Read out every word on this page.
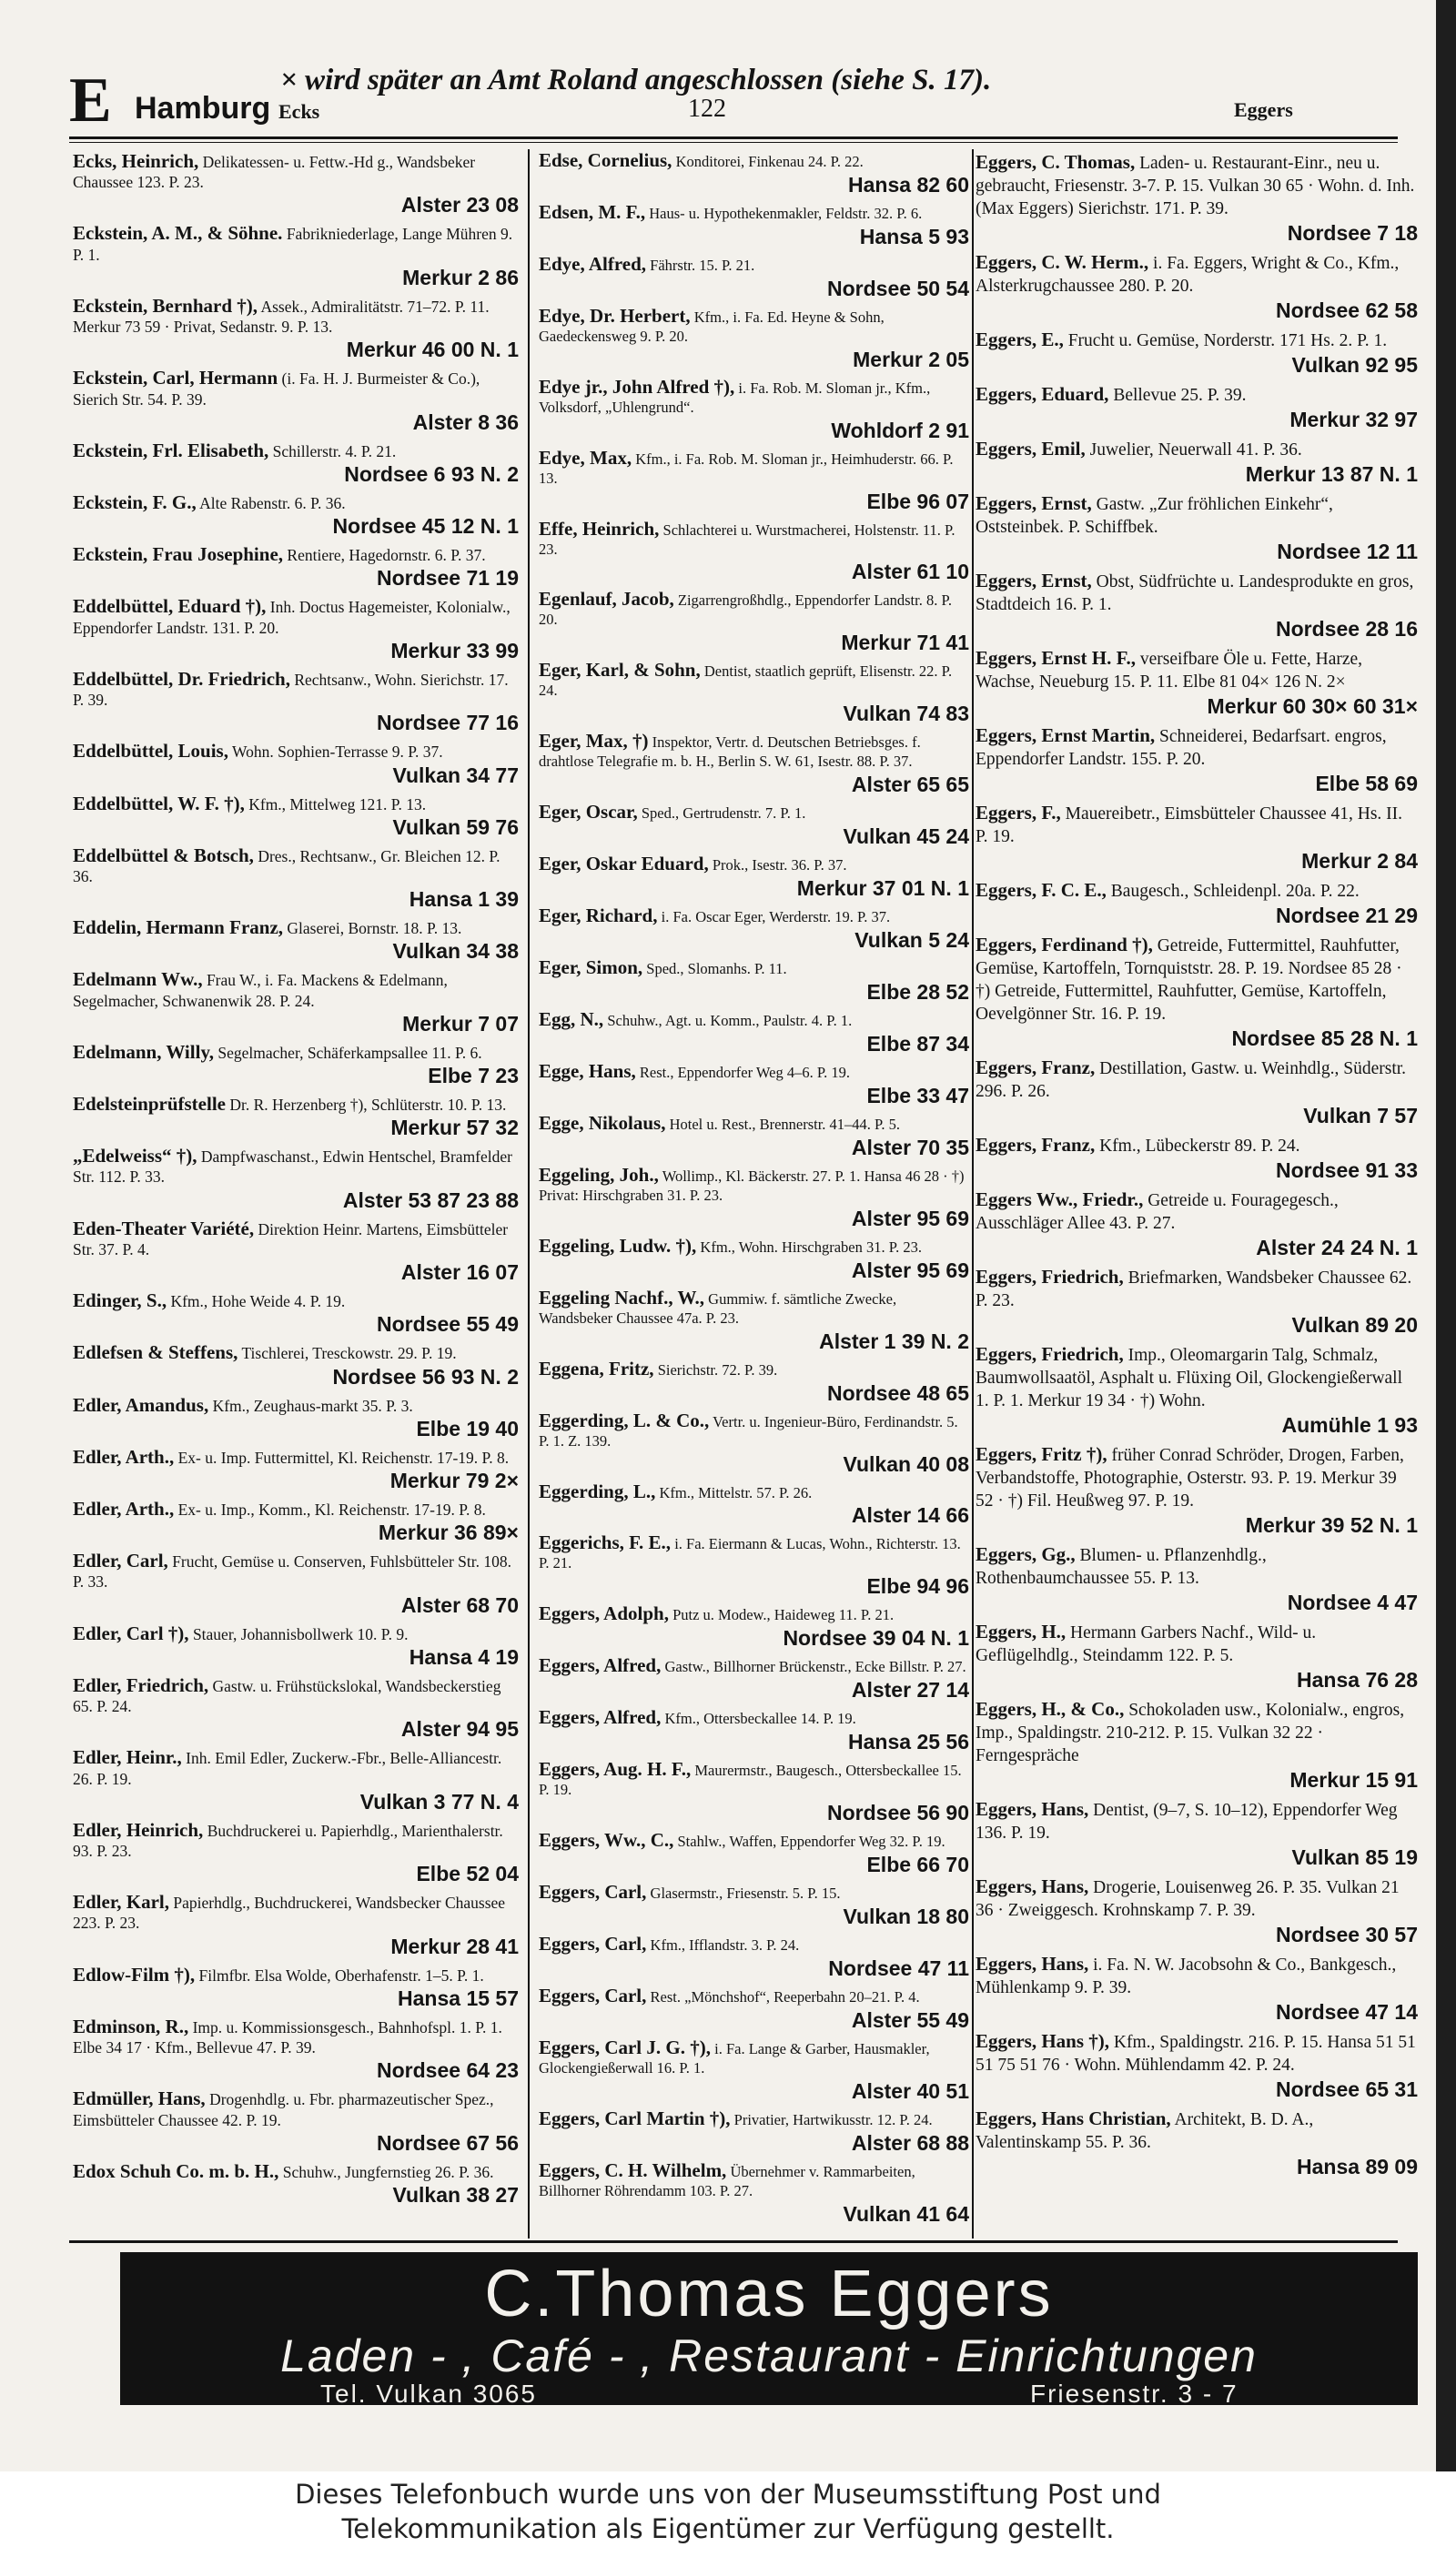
E Hamburg Ecks
× wird später an Amt Roland angeschlossen (siehe S. 17).
122	Eggers
Ecks, Heinrich, Delikatessen- u. Fettw.-Hd g., Wandsbeker Chaussee 123. P. 23.
Alster 23 08
Eckstein, A. M., & Söhne. Fabrikniederlage, Lange Mühren 9. P. 1.
Merkur 2 86
Eckstein, Bernhard †), Assek., Admiralitätstr. 71–72. P. 11. Merkur 73 59 · Privat, Sedanstr. 9. P. 13.
Merkur 46 00 N. 1
Eckstein, Carl, Hermann (i. Fa. H. J. Burmeister & Co.), Sierich Str. 54. P. 39.
Alster 8 36
Eckstein, Frl. Elisabeth, Schillerstr. 4. P. 21.
Nordsee 6 93 N. 2
Eckstein, F. G., Alte Rabenstr. 6. P. 36.
Nordsee 45 12 N. 1
Eckstein, Frau Josephine, Rentiere, Hagedornstr. 6. P. 37.
Nordsee 71 19
Eddelbüttel, Eduard †), Inh. Doctus Hagemeister, Kolonialw., Eppendorfer Landstr. 131. P. 20.
Merkur 33 99
Eddelbüttel, Dr. Friedrich, Rechtsanw., Wohn. Sierichstr. 17. P. 39.
Nordsee 77 16
Eddelbüttel, Louis, Wohn. Sophien-Terrasse 9. P. 37.
Vulkan 34 77
Eddelbüttel, W. F. †), Kfm., Mittelweg 121. P. 13.
Vulkan 59 76
Eddelbüttel & Botsch, Dres., Rechtsanw., Gr. Bleichen 12. P. 36.
Hansa 1 39
Eddelin, Hermann Franz, Glaserei, Bornstr. 18. P. 13.
Vulkan 34 38
Edelmann Ww., Frau W., i. Fa. Mackens & Edelmann, Segelmacher, Schwanenwik 28. P. 24.
Merkur 7 07
Edelmann, Willy, Segelmacher, Schäferkampsallee 11. P. 6.
Elbe 7 23
Edelsteinprüfstelle Dr. R. Herzenberg †), Schlüterstr. 10. P. 13.
Merkur 57 32
„Edelweiss“ †), Dampfwaschanst., Edwin Hentschel, Bramfelder Str. 112. P. 33.
Alster 53 87 23 88
Eden-Theater Variété, Direktion Heinr. Martens, Eimsbütteler Str. 37. P. 4.
Alster 16 07
Edinger, S., Kfm., Hohe Weide 4. P. 19.
Nordsee 55 49
Edlefsen & Steffens, Tischlerei, Tresckowstr. 29. P. 19.
Nordsee 56 93 N. 2
Edler, Amandus, Kfm., Zeughaus-markt 35. P. 3.
Elbe 19 40
Edler, Arth., Ex- u. Imp. Futtermittel, Kl. Reichenstr. 17-19. P. 8.
Merkur 79 2×
Edler, Arth., Ex- u. Imp., Komm., Kl. Reichenstr. 17-19. P. 8.
Merkur 36 89×
Edler, Carl, Frucht, Gemüse u. Conserven, Fuhlsbütteler Str. 108. P. 33.
Alster 68 70
Edler, Carl †), Stauer, Johannisbollwerk 10. P. 9.
Hansa 4 19
Edler, Friedrich, Gastw. u. Frühstückslokal, Wandsbeckerstieg 65. P. 24.
Alster 94 95
Edler, Heinr., Inh. Emil Edler, Zuckerw.-Fbr., Belle-Alliancestr. 26. P. 19.
Vulkan 3 77 N. 4
Edler, Heinrich, Buchdruckerei u. Papierhdlg., Marienthalerstr. 93. P. 23.
Elbe 52 04
Edler, Karl, Papierhdlg., Buchdruckerei, Wandsbecker Chaussee 223. P. 23.
Merkur 28 41
Edlow-Film †), Filmfbr. Elsa Wolde, Oberhafenstr. 1–5. P. 1.
Hansa 15 57
Edminson, R., Imp. u. Kommissionsgesch., Bahnhofspl. 1. P. 1. Elbe 34 17 · Kfm., Bellevue 47. P. 39.
Nordsee 64 23
Edmüller, Hans, Drogenhdlg. u. Fbr. pharmazeutischer Spez., Eimsbütteler Chaussee 42. P. 19.
Nordsee 67 56
Edox Schuh Co. m. b. H., Schuhw., Jungfernstieg 26. P. 36.
Vulkan 38 27
Edse, Cornelius, Konditorei, Finkenau 24. P. 22.
Hansa 82 60
Edsen, M. F., Haus- u. Hypothekenmakler, Feldstr. 32. P. 6.
Hansa 5 93
Edye, Alfred, Fährstr. 15. P. 21.
Nordsee 50 54
Edye, Dr. Herbert, Kfm., i. Fa. Ed. Heyne & Sohn, Gaedeckensweg 9. P. 20.
Merkur 2 05
Edye jr., John Alfred †), i. Fa. Rob. M. Sloman jr., Kfm., Volksdorf, „Uhlengrund“.
Wohldorf 2 91
Edye, Max, Kfm., i. Fa. Rob. M. Sloman jr., Heimhuderstr. 66. P. 13.
Elbe 96 07
Effe, Heinrich, Schlachterei u. Wurstmacherei, Holstenstr. 11. P. 23.
Alster 61 10
Egenlauf, Jacob, Zigarrengroßhdlg., Eppendorfer Landstr. 8. P. 20.
Merkur 71 41
Eger, Karl, & Sohn, Dentist, staatlich geprüft, Elisenstr. 22. P. 24.
Vulkan 74 83
Eger, Max, †) Inspektor, Vertr. d. Deutschen Betriebsges. f. drahtlose Telegrafie m. b. H., Berlin S. W. 61, Isestr. 88. P. 37.
Alster 65 65
Eger, Oscar, Sped., Gertrudenstr. 7. P. 1.
Vulkan 45 24
Eger, Oskar Eduard, Prok., Isestr. 36. P. 37.
Merkur 37 01 N. 1
Eger, Richard, i. Fa. Oscar Eger, Werderstr. 19. P. 37.
Vulkan 5 24
Eger, Simon, Sped., Slomanhs. P. 11.
Elbe 28 52
Egg, N., Schuhw., Agt. u. Komm., Paulstr. 4. P. 1.
Elbe 87 34
Egge, Hans, Rest., Eppendorfer Weg 4–6. P. 19.
Elbe 33 47
Egge, Nikolaus, Hotel u. Rest., Brennerstr. 41–44. P. 5.
Alster 70 35
Eggeling, Joh., Wollimp., Kl. Bäckerstr. 27. P. 1. Hansa 46 28 · †) Privat: Hirschgraben 31. P. 23.
Alster 95 69
Eggeling, Ludw. †), Kfm., Wohn. Hirschgraben 31. P. 23.
Alster 95 69
Eggeling Nachf., W., Gummiw. f. sämtliche Zwecke, Wandsbeker Chaussee 47a. P. 23.
Alster 1 39 N. 2
Eggena, Fritz, Sierichstr. 72. P. 39.
Nordsee 48 65
Eggerding, L. & Co., Vertr. u. Ingenieur-Büro, Ferdinandstr. 5. P. 1. Z. 139.
Vulkan 40 08
Eggerding, L., Kfm., Mittelstr. 57. P. 26.
Alster 14 66
Eggerichs, F. E., i. Fa. Eiermann & Lucas, Wohn., Richterstr. 13. P. 21.
Elbe 94 96
Eggers, Adolph, Putz u. Modew., Haideweg 11. P. 21.
Nordsee 39 04 N. 1
Eggers, Alfred, Gastw., Billhorner Brückenstr., Ecke Billstr. P. 27.
Alster 27 14
Eggers, Alfred, Kfm., Ottersbeckallee 14. P. 19.
Hansa 25 56
Eggers, Aug. H. F., Maurermstr., Baugesch., Ottersbeckallee 15. P. 19.
Nordsee 56 90
Eggers, Ww., C., Stahlw., Waffen, Eppendorfer Weg 32. P. 19.
Elbe 66 70
Eggers, Carl, Glasermstr., Friesenstr. 5. P. 15.
Vulkan 18 80
Eggers, Carl, Kfm., Ifflandstr. 3. P. 24.
Nordsee 47 11
Eggers, Carl, Rest. „Mönchshof“, Reeperbahn 20–21. P. 4.
Alster 55 49
Eggers, Carl J. G. †), i. Fa. Lange & Garber, Hausmakler, Glockengießerwall 16. P. 1.
Alster 40 51
Eggers, Carl Martin †), Privatier, Hartwikusstr. 12. P. 24.
Alster 68 88
Eggers, C. H. Wilhelm, Übernehmer v. Rammarbeiten, Billhorner Röhrendamm 103. P. 27.
Vulkan 41 64
Eggers, C. Thomas, Laden- u. Restaurant-Einr., neu u. gebraucht, Friesenstr. 3-7. P. 15. Vulkan 30 65 · Wohn. d. Inh. (Max Eggers) Sierichstr. 171. P. 39.
Nordsee 7 18
Eggers, C. W. Herm., i. Fa. Eggers, Wright & Co., Kfm., Alsterkrugchaussee 280. P. 20.
Nordsee 62 58
Eggers, E., Frucht u. Gemüse, Norderstr. 171 Hs. 2. P. 1.
Vulkan 92 95
Eggers, Eduard, Bellevue 25. P. 39.
Merkur 32 97
Eggers, Emil, Juwelier, Neuerwall 41. P. 36.
Merkur 13 87 N. 1
Eggers, Ernst, Gastw. „Zur fröhlichen Einkehr“, Oststeinbek. P. Schiffbek.
Nordsee 12 11
Eggers, Ernst, Obst, Südfrüchte u. Landesprodukte en gros, Stadtdeich 16. P. 1.
Nordsee 28 16
Eggers, Ernst H. F., verseifbare Öle u. Fette, Harze, Wachse, Neueburg 15. P. 11. Elbe 81 04× 126 N. 2×
Merkur 60 30× 60 31×
Eggers, Ernst Martin, Schneiderei, Bedarfsart. engros, Eppendorfer Landstr. 155. P. 20.
Elbe 58 69
Eggers, F., Mauereibetr., Eimsbütteler Chaussee 41, Hs. II. P. 19.
Merkur 2 84
Eggers, F. C. E., Baugesch., Schleidenpl. 20a. P. 22.
Nordsee 21 29
Eggers, Ferdinand †), Getreide, Futtermittel, Rauhfutter, Gemüse, Kartoffeln, Tornquiststr. 28. P. 19. Nordsee 85 28 · †) Getreide, Futtermittel, Rauhfutter, Gemüse, Kartoffeln, Oevelgönner Str. 16. P. 19.
Nordsee 85 28 N. 1
Eggers, Franz, Destillation, Gastw. u. Weinhdlg., Süderstr. 296. P. 26.
Vulkan 7 57
Eggers, Franz, Kfm., Lübeckerstr 89. P. 24.
Nordsee 91 33
Eggers Ww., Friedr., Getreide u. Fouragegesch., Ausschläger Allee 43. P. 27.
Alster 24 24 N. 1
Eggers, Friedrich, Briefmarken, Wandsbeker Chaussee 62. P. 23.
Vulkan 89 20
Eggers, Friedrich, Imp., Oleomargarin Talg, Schmalz, Baumwollsaatöl, Asphalt u. Flüxing Oil, Glockengießerwall 1. P. 1. Merkur 19 34 · †) Wohn.
Aumühle 1 93
Eggers, Fritz †), früher Conrad Schröder, Drogen, Farben, Verbandstoffe, Photographie, Osterstr. 93. P. 19. Merkur 39 52 · †) Fil. Heußweg 97. P. 19.
Merkur 39 52 N. 1
Eggers, Gg., Blumen- u. Pflanzenhdlg., Rothenbaumchaussee 55. P. 13.
Nordsee 4 47
Eggers, H., Hermann Garbers Nachf., Wild- u. Geflügelhdlg., Steindamm 122. P. 5.
Hansa 76 28
Eggers, H., & Co., Schokoladen usw., Kolonialw., engros, Imp., Spaldingstr. 210-212. P. 15. Vulkan 32 22 · Ferngespräche
Merkur 15 91
Eggers, Hans, Dentist, (9–7, S. 10–12), Eppendorfer Weg 136. P. 19.
Vulkan 85 19
Eggers, Hans, Drogerie, Louisenweg 26. P. 35. Vulkan 21 36 · Zweiggesch. Krohnskamp 7. P. 39.
Nordsee 30 57
Eggers, Hans, i. Fa. N. W. Jacobsohn & Co., Bankgesch., Mühlenkamp 9. P. 39.
Nordsee 47 14
Eggers, Hans †), Kfm., Spaldingstr. 216. P. 15. Hansa 51 51 51 75 51 76 · Wohn. Mühlendamm 42. P. 24.
Nordsee 65 31
Eggers, Hans Christian, Architekt, B. D. A., Valentinskamp 55. P. 36.
Hansa 89 09
C.Thomas Eggers
Laden - , Café - , Restaurant - Einrichtungen
Tel. Vulkan 3065	Friesenstr. 3 - 7
Dieses Telefonbuch wurde uns von der Museumsstiftung Post und
Telekommunikation als Eigentümer zur Verfügung gestellt.
